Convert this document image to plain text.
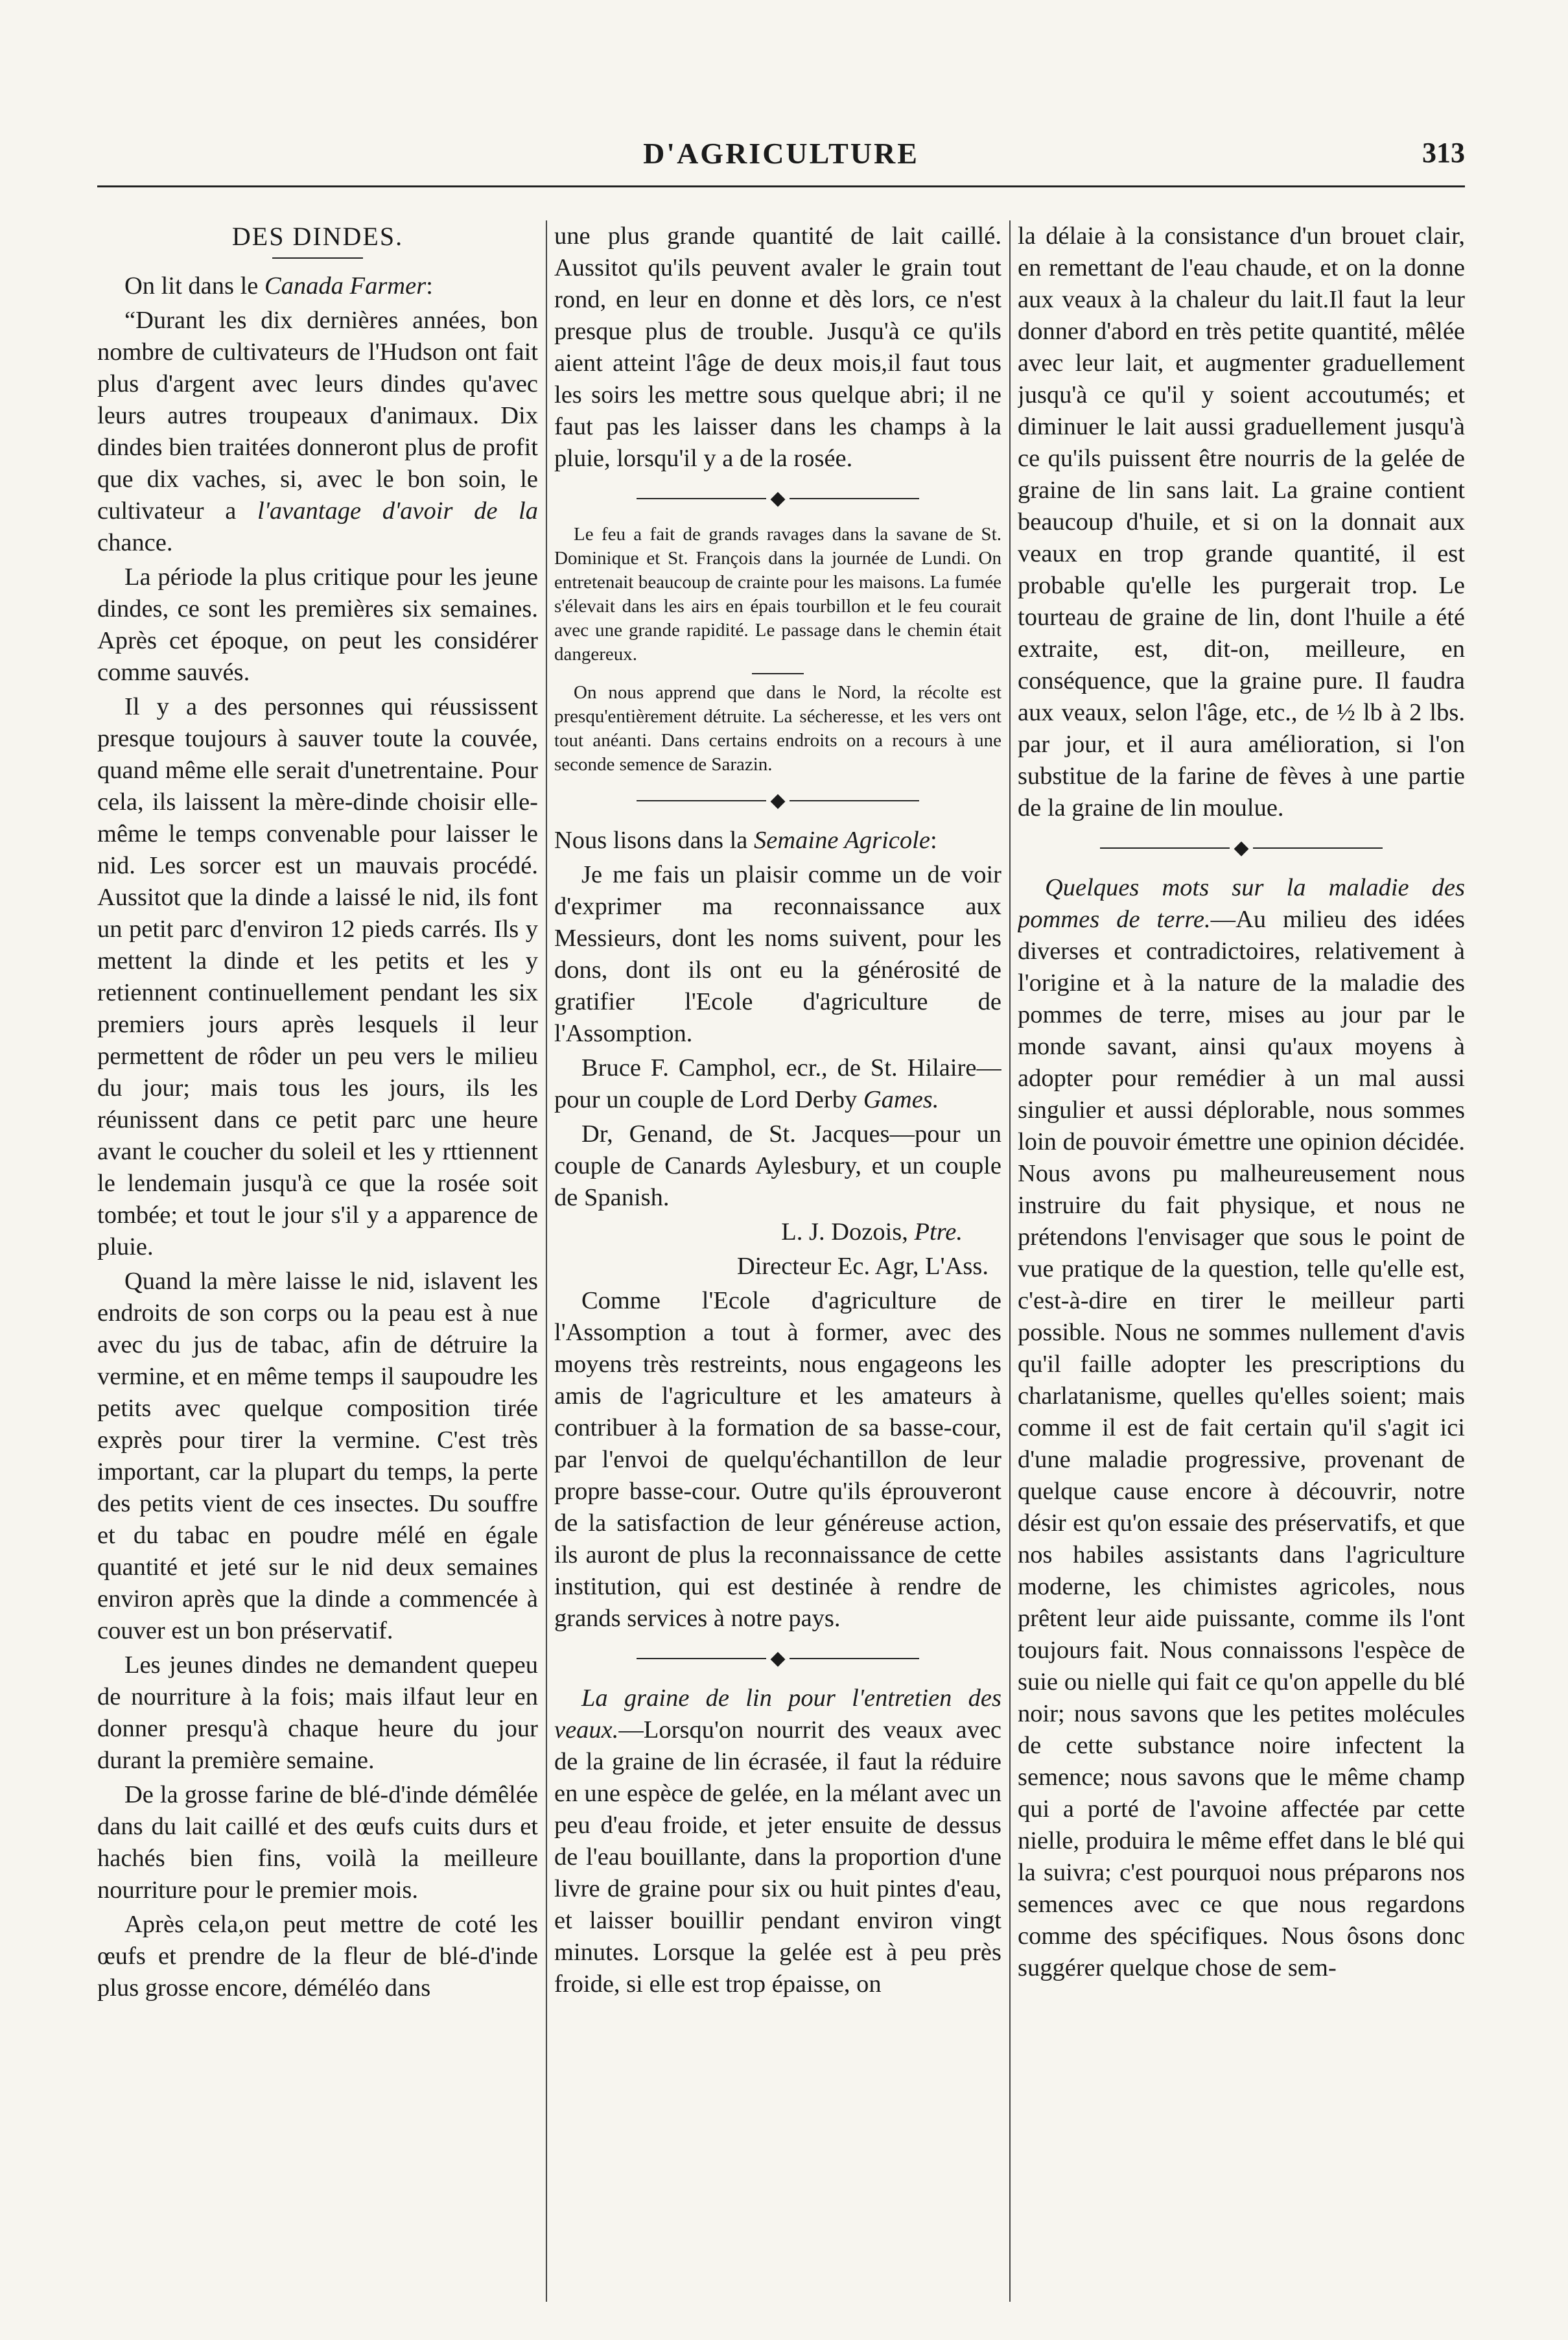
D'AGRICULTURE	313
DES DINDES.

On lit dans le Canada Farmer:

“Durant les dix dernières années, bon nombre de cultivateurs de l'Hudson ont fait plus d'argent avec leurs dindes qu'avec leurs autres troupeaux d'animaux. Dix dindes bien traitées donneront plus de profit que dix vaches, si, avec le bon soin, le cultivateur a l'avantage d'avoir de la chance.

La période la plus critique pour les jeune dindes, ce sont les premières six semaines. Après cet époque, on peut les considérer comme sauvés.

Il y a des personnes qui réussissent presque toujours à sauver toute la couvée, quand même elle serait d'unetrentaine. Pour cela, ils laissent la mère-dinde choisir elle-même le temps convenable pour laisser le nid. Les sorcer est un mauvais procédé. Aussitot que la dinde a laissé le nid, ils font un petit parc d'environ 12 pieds carrés. Ils y mettent la dinde et les petits et les y retiennent continuellement pendant les six premiers jours après lesquels il leur permettent de rôder un peu vers le milieu du jour; mais tous les jours, ils les réunissent dans ce petit parc une heure avant le coucher du soleil et les y rttiennent le lendemain jusqu'à ce que la rosée soit tombée; et tout le jour s'il y a apparence de pluie.

Quand la mère laisse le nid, islavent les endroits de son corps ou la peau est à nue avec du jus de tabac, afin de détruire la vermine, et en même temps il saupoudre les petits avec quelque composition tirée exprès pour tirer la vermine. C'est très important, car la plupart du temps, la perte des petits vient de ces insectes. Du souffre et du tabac en poudre mélé en égale quantité et jeté sur le nid deux semaines environ après que la dinde a commencée à couver est un bon préservatif.

Les jeunes dindes ne demandent quepeu de nourriture à la fois; mais ilfaut leur en donner presqu'à chaque heure du jour durant la première semaine.

De la grosse farine de blé-d'inde démêlée dans du lait caillé et des œufs cuits durs et hachés bien fins, voilà la meilleure nourriture pour le premier mois.

Après cela,on peut mettre de coté les œufs et prendre de la fleur de blé-d'inde plus grosse encore, déméléo dans

une plus grande quantité de lait caillé. Aussitot qu'ils peuvent avaler le grain tout rond, en leur en donne et dès lors, ce n'est presque plus de trouble. Jusqu'à ce qu'ils aient atteint l'âge de deux mois,il faut tous les soirs les mettre sous quelque abri; il ne faut pas les laisser dans les champs à la pluie, lorsqu'il y a de la rosée.

◆

Le feu a fait de grands ravages dans la savane de St. Dominique et St. François dans la journée de Lundi. On entretenait beaucoup de crainte pour les maisons. La fumée s'élevait dans les airs en épais tourbillon et le feu courait avec une grande rapidité. Le passage dans le chemin était dangereux.

On nous apprend que dans le Nord, la récolte est presqu'entièrement détruite. La sécheresse, et les vers ont tout anéanti. Dans certains endroits on a recours à une seconde semence de Sarazin.

◆

Nous lisons dans la Semaine Agricole:

Je me fais un plaisir comme un de voir d'exprimer ma reconnaissance aux Messieurs, dont les noms suivent, pour les dons, dont ils ont eu la générosité de gratifier l'Ecole d'agriculture de l'Assomption.

Bruce F. Camphol, ecr., de St. Hilaire—pour un couple de Lord Derby Games.

Dr, Genand, de St. Jacques—pour un couple de Canards Aylesbury, et un couple de Spanish.

L. J. Dozois, Ptre.

Directeur Ec. Agr, L'Ass.

Comme l'Ecole d'agriculture de l'Assomption a tout à former, avec des moyens très restreints, nous engageons les amis de l'agriculture et les amateurs à contribuer à la formation de sa basse-cour, par l'envoi de quelqu'échantillon de leur propre basse-cour. Outre qu'ils éprouveront de la satisfaction de leur généreuse action, ils auront de plus la reconnaissance de cette institution, qui est destinée à rendre de grands services à notre pays.

◆

La graine de lin pour l'entretien des veaux.—Lorsqu'on nourrit des veaux avec de la graine de lin écrasée, il faut la réduire en une espèce de gelée, en la mélant avec un peu d'eau froide, et jeter ensuite de dessus de l'eau bouillante, dans la proportion d'une livre de graine pour six ou huit pintes d'eau, et laisser bouillir pendant environ vingt minutes. Lorsque la gelée est à peu près froide, si elle est trop épaisse, on

la délaie à la consistance d'un brouet clair, en remettant de l'eau chaude, et on la donne aux veaux à la chaleur du lait.Il faut la leur donner d'abord en très petite quantité, mêlée avec leur lait, et augmenter graduellement jusqu'à ce qu'il y soient accoutumés; et diminuer le lait aussi graduellement jusqu'à ce qu'ils puissent être nourris de la gelée de graine de lin sans lait. La graine contient beaucoup d'huile, et si on la donnait aux veaux en trop grande quantité, il est probable qu'elle les purgerait trop. Le tourteau de graine de lin, dont l'huile a été extraite, est, dit-on, meilleure, en conséquence, que la graine pure. Il faudra aux veaux, selon l'âge, etc., de ½ lb à 2 lbs. par jour, et il aura amélioration, si l'on substitue de la farine de fèves à une partie de la graine de lin moulue.

◆

Quelques mots sur la maladie des pommes de terre.—Au milieu des idées diverses et contradictoires, relativement à l'origine et à la nature de la maladie des pommes de terre, mises au jour par le monde savant, ainsi qu'aux moyens à adopter pour remédier à un mal aussi singulier et aussi déplorable, nous sommes loin de pouvoir émettre une opinion décidée. Nous avons pu malheureusement nous instruire du fait physique, et nous ne prétendons l'envisager que sous le point de vue pratique de la question, telle qu'elle est, c'est-à-dire en tirer le meilleur parti possible. Nous ne sommes nullement d'avis qu'il faille adopter les prescriptions du charlatanisme, quelles qu'elles soient; mais comme il est de fait certain qu'il s'agit ici d'une maladie progressive, provenant de quelque cause encore à découvrir, notre désir est qu'on essaie des préservatifs, et que nos habiles assistants dans l'agriculture moderne, les chimistes agricoles, nous prêtent leur aide puissante, comme ils l'ont toujours fait. Nous connaissons l'espèce de suie ou nielle qui fait ce qu'on appelle du blé noir; nous savons que les petites molécules de cette substance noire infectent la semence; nous savons que le même champ qui a porté de l'avoine affectée par cette nielle, produira le même effet dans le blé qui la suivra; c'est pourquoi nous préparons nos semences avec ce que nous regardons comme des spécifiques. Nous ôsons donc suggérer quelque chose de sem-
